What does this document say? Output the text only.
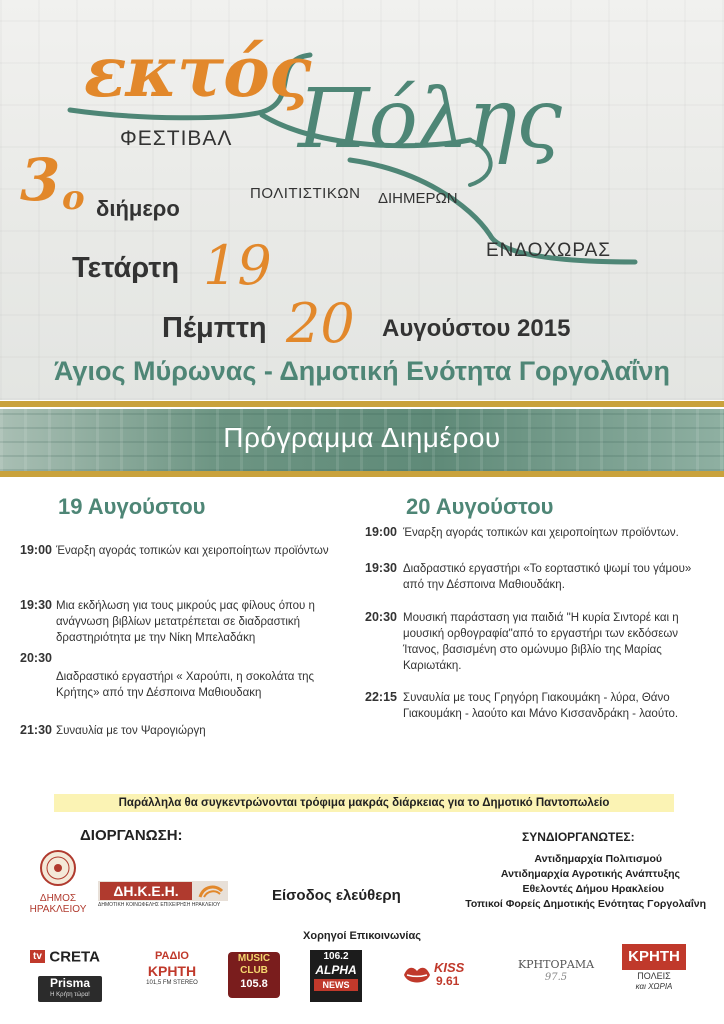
εκτός
Πόλης
ΦΕΣΤΙΒΑΛ
ΠΟΛΙΤΙΣΤΙΚΩΝ ΔΙΗΜΕΡΩΝ
ΕΝΔΟΧΩΡΑΣ
3 ο διήμερο
Τετάρτη 19
Πέμπτη 20 Αυγούστου 2015
Άγιος Μύρωνας - Δημοτική Ενότητα Γοργολαΐνη
Πρόγραμμα Διημέρου
19 Αυγούστου
19:00 Έναρξη αγοράς τοπικών και χειροποίητων προϊόντων
19:30 Μια εκδήλωση για τους μικρούς μας φίλους όπου η
ανάγνωση βιβλίων μετατρέπεται σε διαδραστική
δραστηριότητα με την Νίκη Μπελαδάκη
20:30
Διαδραστικό εργαστήρι « Χαρούπι, η σοκολάτα της
Κρήτης» από την Δέσποινα Μαθιουδακη
21:30 Συναυλία με τον Ψαρογιώργη
20 Αυγούστου
19:00 Έναρξη αγοράς τοπικών και χειροποίητων προϊόντων.
19:30 Διαδραστικό εργαστήρι «Το εορταστικό ψωμί του γάμου»
από την Δέσποινα Μαθιουδάκη.
20:30 Μουσική παράσταση για παιδιά "Η κυρία Σιντορέ και η
μουσική ορθογραφία"από το εργαστήρι των εκδόσεων
Ίτανος, βασισμένη στο ομώνυμο βιβλίο της Μαρίας
Καριωτάκη.
22:15 Συναυλία με τους Γρηγόρη Γιακουμάκη - λύρα, Θάνο
Γιακουμάκη - λαούτο και Μάνο Κισσανδράκη - λαούτο.
Παράλληλα θα συγκεντρώνονται τρόφιμα μακράς διάρκειας για το Δημοτικό Παντοπωλείο
ΔΙΟΡΓΑΝΩΣΗ:
ΔΗΜΟΣ
ΗΡΑΚΛΕΙΟΥ
ΔΗ.Κ.Ε.Η.
ΔΗΜΟΤΙΚΗ ΚΟΙΝΩΦΕΛΗΣ ΕΠΙΧΕΙΡΗΣΗ ΗΡΑΚΛΕΙΟΥ
Είσοδος ελεύθερη
ΣΥΝΔΙΟΡΓΑΝΩΤΕΣ:
Αντιδημαρχία Πολιτισμού
Αντιδημαρχία Αγροτικής Ανάπτυξης
Εθελοντές Δήμου Ηρακλείου
Τοπικοί Φορείς Δημοτικής Ενότητας Γοργολαΐνη
Χορηγοί Επικοινωνίας
tv CRETA
Prisma
Η Κρήτη τώρα!
ΡΑΔΙΟ
ΚΡΗΤΗ
101,5 FM STEREO
MUSIC
CLUB
105.8
106.2
ALPHA
NEWS
KISS
9.61
ΚΡΗΤΟΡΑΜΑ
97.5
ΚΡΗΤΗ
ΠΟΛΕΙΣ
και ΧΩΡΙΑ
